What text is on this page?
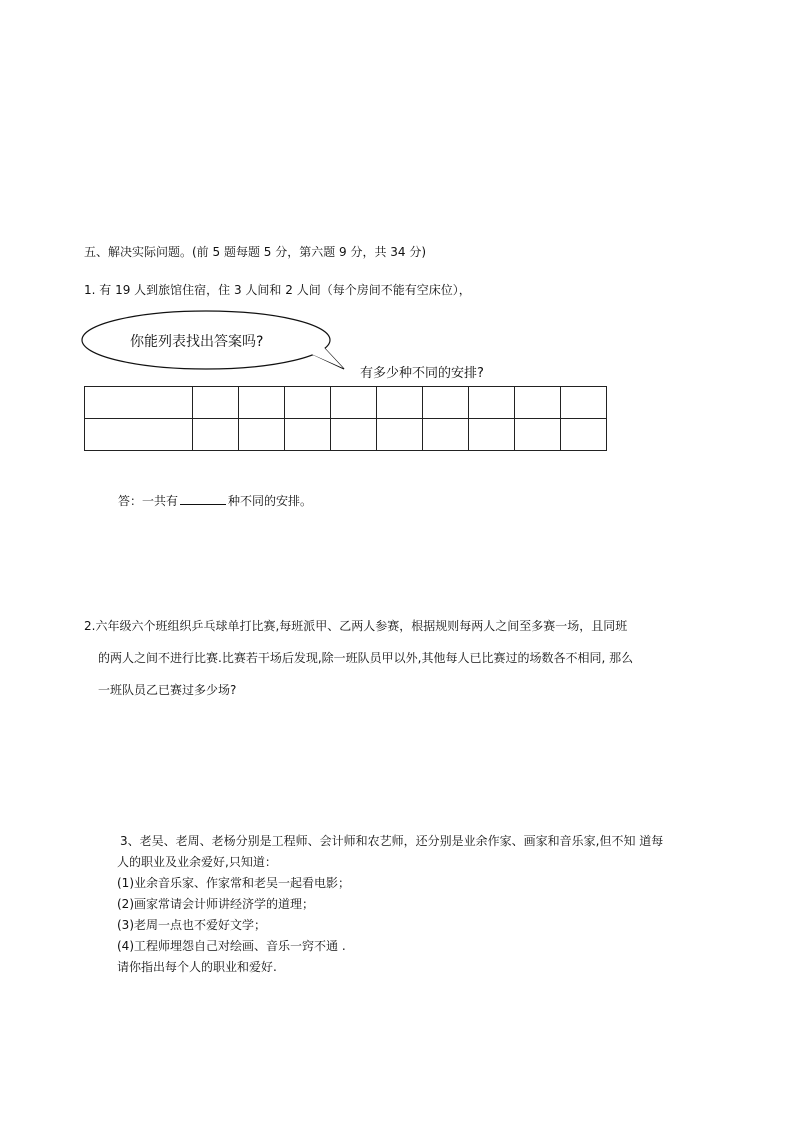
五、解决实际问题。(前 5 题每题 5 分，第六题 9 分，共 34 分)
1. 有 19 人到旅馆住宿，住 3 人间和 2 人间（每个房间不能有空床位），
你能列表找出答案吗?
有多少种不同的安排?

答：一共有	种不同的安排。
2.六年级六个班组织乒乓球单打比赛,每班派甲、乙两人参赛，根据规则每两人之间至多赛一场，且同班
的两人之间不进行比赛.比赛若干场后发现,除一班队员甲以外,其他每人已比赛过的场数各不相同, 那么
一班队员乙已赛过多少场?
3、老吴、老周、老杨分别是工程师、会计师和农艺师，还分别是业余作家、画家和音乐家,但不知 道每
人的职业及业余爱好,只知道：
(1)业余音乐家、作家常和老吴一起看电影；
(2)画家常请会计师讲经济学的道理；
(3)老周一点也不爱好文学；
(4)工程师埋怨自己对绘画、音乐一窍不通 .
请你指出每个人的职业和爱好.
